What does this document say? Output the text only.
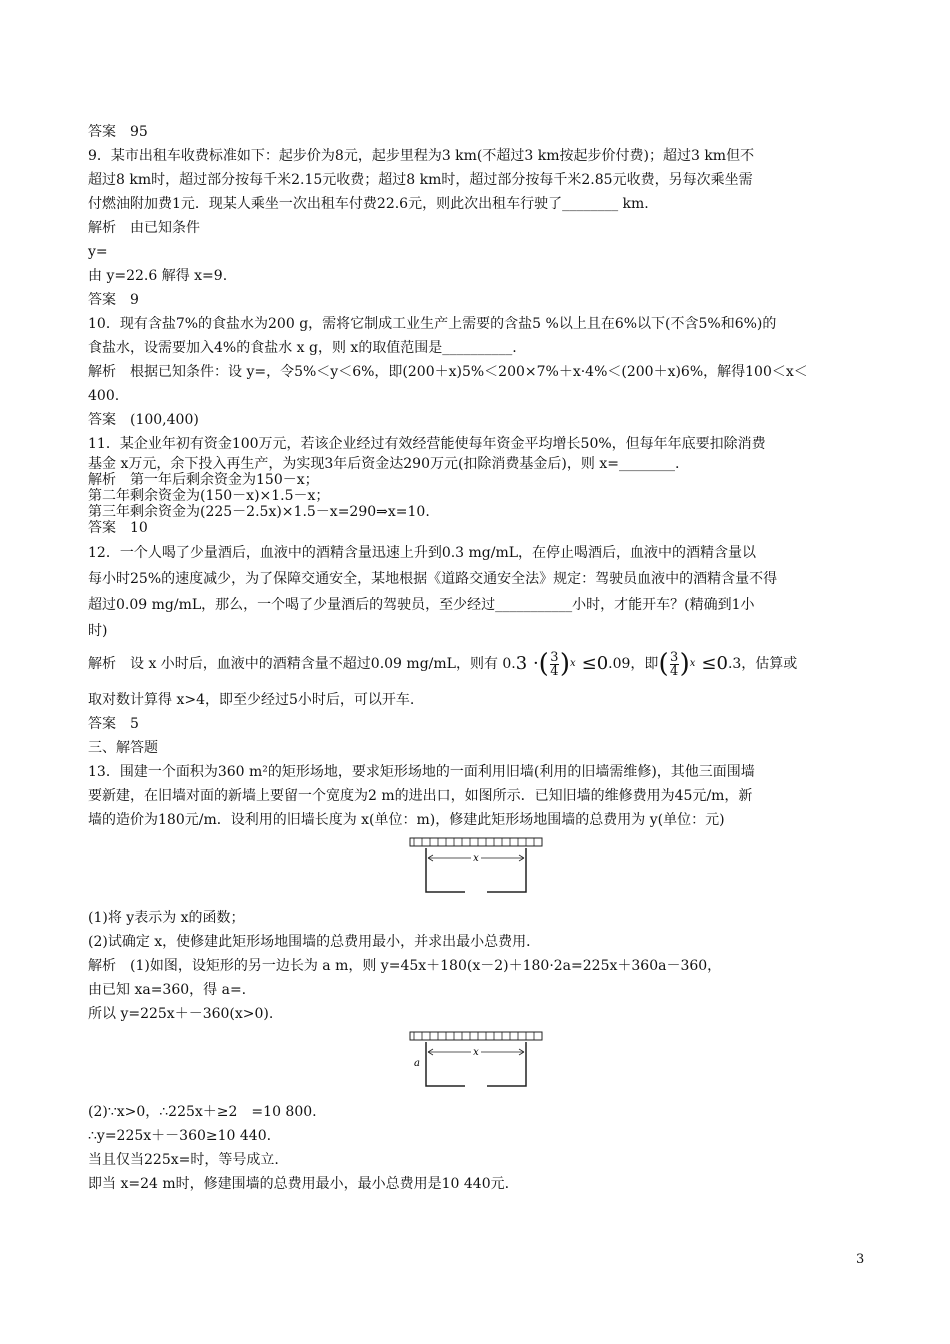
答案　95
9．某市出租车收费标准如下：起步价为8元，起步里程为3 km(不超过3 km按起步价付费)；超过3 km但不
超过8 km时，超过部分按每千米2.15元收费；超过8 km时，超过部分按每千米2.85元收费，另每次乘坐需
付燃油附加费1元．现某人乘坐一次出租车付费22.6元，则此次出租车行驶了________ km.
解析　由已知条件
y=
由 y=22.6 解得 x=9.
答案　9
10．现有含盐7%的食盐水为200 g，需将它制成工业生产上需要的含盐5 %以上且在6%以下(不含5%和6%)的
食盐水，设需要加入4%的食盐水 x g，则 x的取值范围是__________.
解析　根据已知条件：设 y=，令5%＜y＜6%，即(200＋x)5%＜200×7%＋x·4%＜(200＋x)6%，解得100＜x＜
400.
答案　(100,400)
11．某企业年初有资金100万元，若该企业经过有效经营能使每年资金平均增长50%，但每年年底要扣除消费
基金 x万元，余下投入再生产，为实现3年后资金达290万元(扣除消费基金后)，则 x=________.
解析　第一年后剩余资金为150－x；
第二年剩余资金为(150－x)×1.5－x；
第三年剩余资金为(225－2.5x)×1.5－x=290⇒x=10.
答案　10
12．一个人喝了少量酒后，血液中的酒精含量迅速上升到0.3 mg/mL，在停止喝酒后，血液中的酒精含量以
每小时25%的速度减少，为了保障交通安全，某地根据《道路交通安全法》规定：驾驶员血液中的酒精含量不得
超过0.09 mg/mL，那么，一个喝了少量酒后的驾驶员，至少经过___________小时，才能开车？(精确到1小
时)
解析　设 x 小时后，血液中的酒精含量不超过0.09 mg/mL，则有 0. 3 · ( $\frac{3}{4}$ ) x ≤0 .09，即 ( $\frac{3}{4}$ ) x ≤0 .3，估算或
取对数计算得 x>4，即至少经过5小时后，可以开车.
答案　5
三、解答题
13．围建一个面积为360 m²的矩形场地，要求矩形场地的一面利用旧墙(利用的旧墙需维修)，其他三面围墙
要新建，在旧墙对面的新墙上要留一个宽度为2 m的进出口，如图所示．已知旧墙的维修费用为45元/m，新
墙的造价为180元/m．设利用的旧墙长度为 x(单位：m)，修建此矩形场地围墙的总费用为 y(单位：元)
x
(1)将 y表示为 x的函数；
(2)试确定 x，使修建此矩形场地围墙的总费用最小，并求出最小总费用．
解析　(1)如图，设矩形的另一边长为 a m，则 y=45x＋180(x－2)＋180·2a=225x＋360a－360，
由已知 xa=360，得 a=.
所以 y=225x＋－360(x>0).
x
a
(2)∵x>0，∴225x＋≥2　=10 800.
∴y=225x＋－360≥10 440.
当且仅当225x=时，等号成立.
即当 x=24 m时，修建围墙的总费用最小，最小总费用是10 440元.
3
